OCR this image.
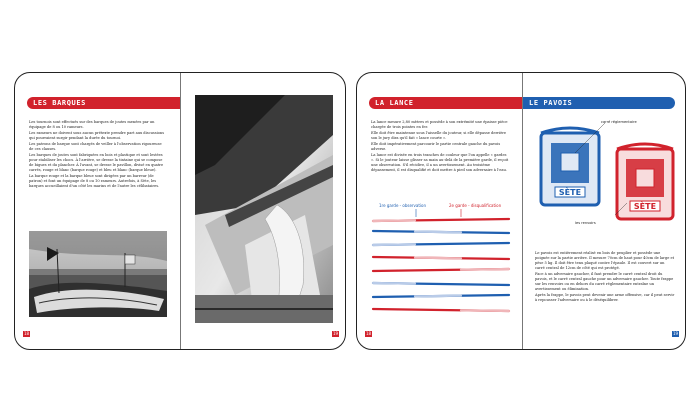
LES BARQUES

Les tournois sont effectués sur des barques de joutes menées par un équipage de 8 ou 10 rameurs.

Les rameurs ne doivent sous aucun prétexte prendre part aux discussions qui pourraient surgir pendant la durée du tournoi.

Les patrons de barque sont chargés de veiller à l'observation rigoureuse de ces clauses.

Les barques de joutes sont fabriquées en bois et plastique et sont lestées pour stabiliser les chocs. À l'arrière, se dresse la tintaine qui se compose de bigues et du plancher. À l'avant, se dresse le pavillon, divisé en quatre carrés, rouge et blanc (barque rouge) et bleu et blanc (barque bleue).

La barque rouge et la barque bleue sont dirigées par un barreur (de patron) et font un équipage de 8 ou 10 rameurs. Autrefois, à Sète, les barques accueillaient d'un côté les marins et de l'autre les célibataires.

18	19
LA LANCE

La lance mesure 2,80 mètres et possède à son extrémité une épaisse pièce chargée de trois pointes en fer.

Elle doit être maintenue sous l'aisselle du jouteur, si elle dépasse derrière son le jury dira qu'il fait « lance courte ».

Elle doit impérativement parcourir le partie centrale gauche du pavois adverse.

La lance est divisée en trois tranches de couleur que l'on appelle « gardes ». Si le jouteur laisse glisser sa main au-delà de la première garde, il reçoit une observation. S'il récidive, il a un avertissement. Au troisième dépassement, il est disqualifié et doit mettre à pied son adversaire à l'eau.

1re garde - observation	2e garde - disqualification
18
LE PAVOIS
carré réglementaire
SÈTE
SÈTE
les renvoirs

Le pavois est entièrement réalisé en bois de peuplier et possède une poignée sur la partie arrière. Il mesure 70cm de haut pour 40cm de large et pèse 5 kg. Il doit être tenu plaqué contre l'épaule. Il est couvert sur un carré central de 12cm de côté qui est protégé.

Face à un adversaire gaucher, il faut prendre le carré central droit du pavois, et le carré central gauche pour un adversaire gaucher. Toute frappe sur les renvoirs ou en dehors du carré réglementaire entraîne un avertissement ou élimination.

Après la frappe, le pavois peut devenir une arme offensive, car il peut servir à repousser l'adversaire ou à le déséquilibrer.

19
